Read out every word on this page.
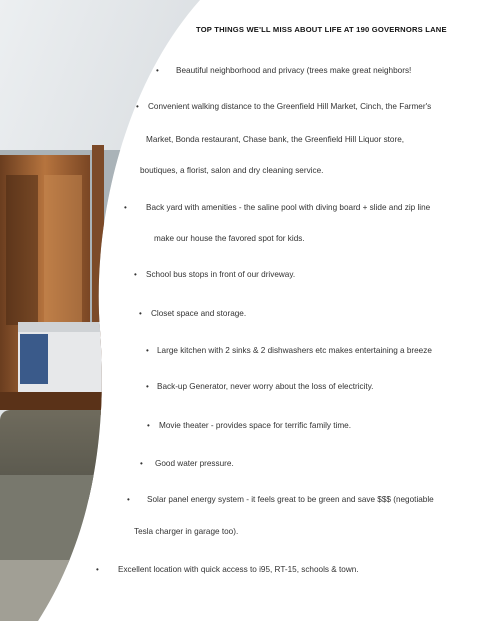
TOP THINGS WE'LL MISS ABOUT LIFE AT 190 GOVERNORS LANE
• Beautiful neighborhood and privacy (trees make great neighbors!
• Convenient walking distance to the Greenfield Hill Market, Cinch, the Farmer's
Market, Bonda restaurant, Chase bank, the Greenfield Hill Liquor store,
boutiques, a florist, salon and dry cleaning service.
• Back yard with amenities - the saline pool with diving board + slide and zip line
make our house the favored spot for kids.
• School bus stops in front of our driveway.
• Closet space and storage.
• Large kitchen with 2 sinks & 2 dishwashers etc makes entertaining a breeze
• Back-up Generator, never worry about the loss of electricity.
• Movie theater - provides space for terrific family time.
• Good water pressure.
• Solar panel energy system - it feels great to be green and save $$$ (negotiable
Tesla charger in garage too).
• Excellent location with quick access to i95, RT-15, schools & town.
